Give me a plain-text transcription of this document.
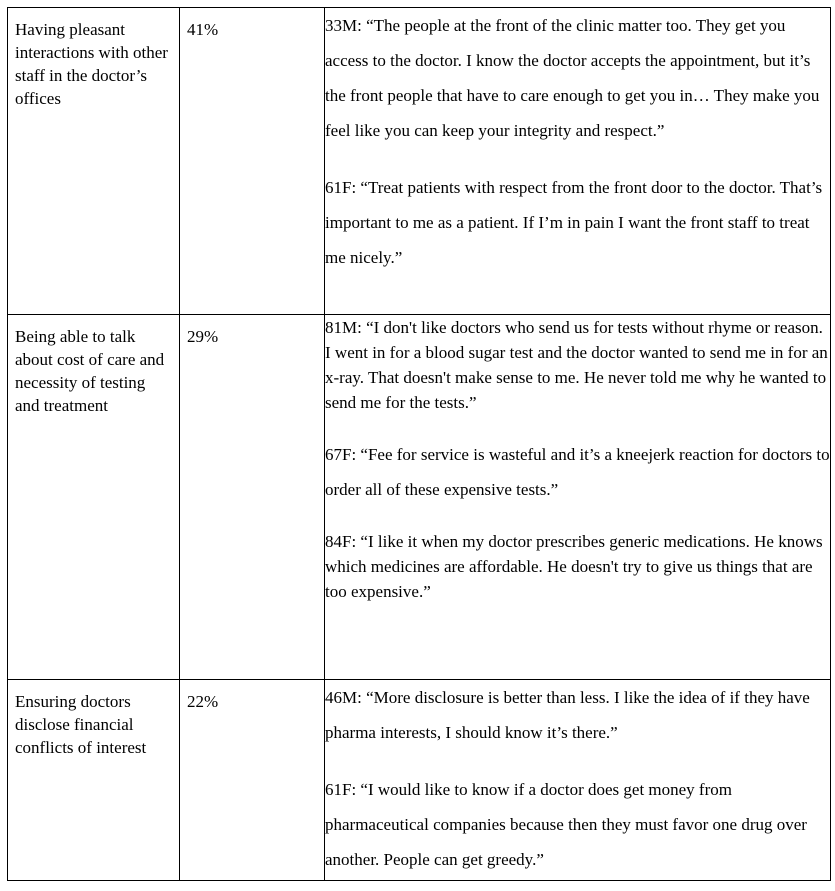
Having pleasant interactions with other staff in the doctor’s offices	41%	33M: “The people at the front of the clinic matter too. They get you access to the doctor. I know the doctor accepts the appointment, but it’s the front people that have to care enough to get you in… They make you feel like you can keep your integrity and respect.”

61F: “Treat patients with respect from the front door to the doctor. That’s important to me as a patient. If I’m in pain I want the front staff to treat me nicely.”

Being able to talk about cost of care and necessity of testing and treatment	29%	81M: “I don't like doctors who send us for tests without rhyme or reason. I went in for a blood sugar test and the doctor wanted to send me in for an x-ray. That doesn't make sense to me. He never told me why he wanted to send me for the tests.”

67F: “Fee for service is wasteful and it’s a kneejerk reaction for doctors to order all of these expensive tests.”

84F: “I like it when my doctor prescribes generic medications. He knows which medicines are affordable. He doesn't try to give us things that are too expensive.”

Ensuring doctors disclose financial conflicts of interest	22%	46M: “More disclosure is better than less. I like the idea of if they have pharma interests, I should know it’s there.”

61F: “I would like to know if a doctor does get money from pharmaceutical companies because then they must favor one drug over another. People can get greedy.”
